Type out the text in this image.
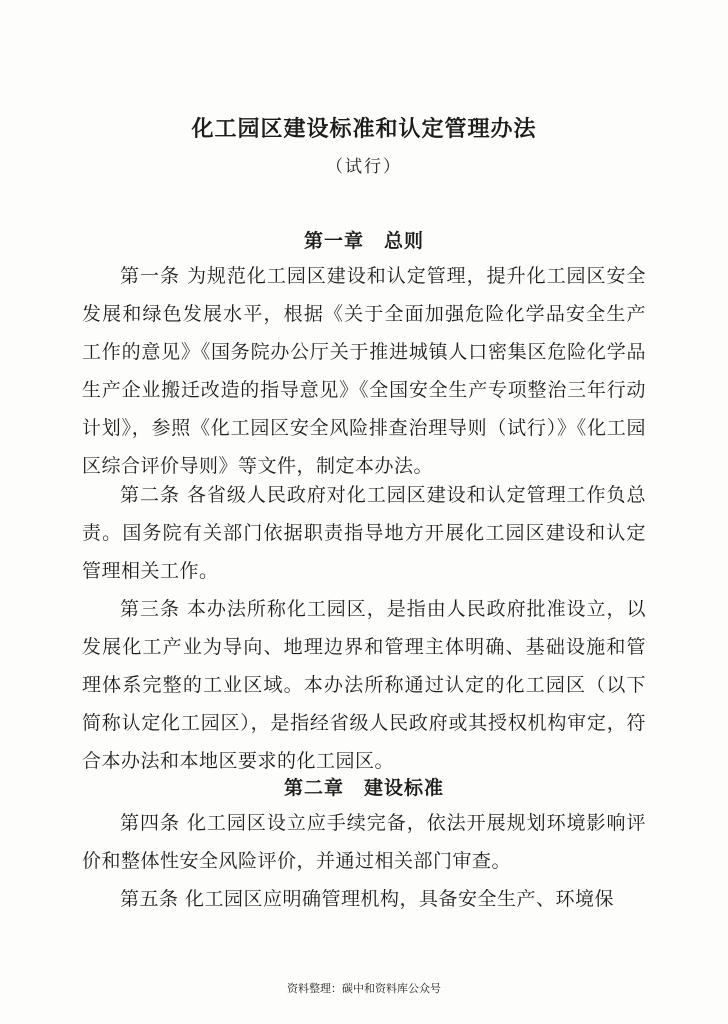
化工园区建设标准和认定管理办法
（试行）
第一章　总则
第一条 为规范化工园区建设和认定管理，提升化工园区安全发展和绿色发展水平，根据《关于全面加强危险化学品安全生产工作的意见》《国务院办公厅关于推进城镇人口密集区危险化学品生产企业搬迁改造的指导意见》《全国安全生产专项整治三年行动计划》，参照《化工园区安全风险排查治理导则（试行）》《化工园区综合评价导则》等文件，制定本办法。
第二条 各省级人民政府对化工园区建设和认定管理工作负总责。国务院有关部门依据职责指导地方开展化工园区建设和认定管理相关工作。
第三条 本办法所称化工园区，是指由人民政府批准设立，以发展化工产业为导向、地理边界和管理主体明确、基础设施和管理体系完整的工业区域。本办法所称通过认定的化工园区（以下简称认定化工园区），是指经省级人民政府或其授权机构审定，符合本办法和本地区要求的化工园区。
第二章　建设标准
第四条 化工园区设立应手续完备，依法开展规划环境影响评价和整体性安全风险评价，并通过相关部门审查。
第五条 化工园区应明确管理机构，具备安全生产、环境保
资料整理：碳中和资料库公众号
